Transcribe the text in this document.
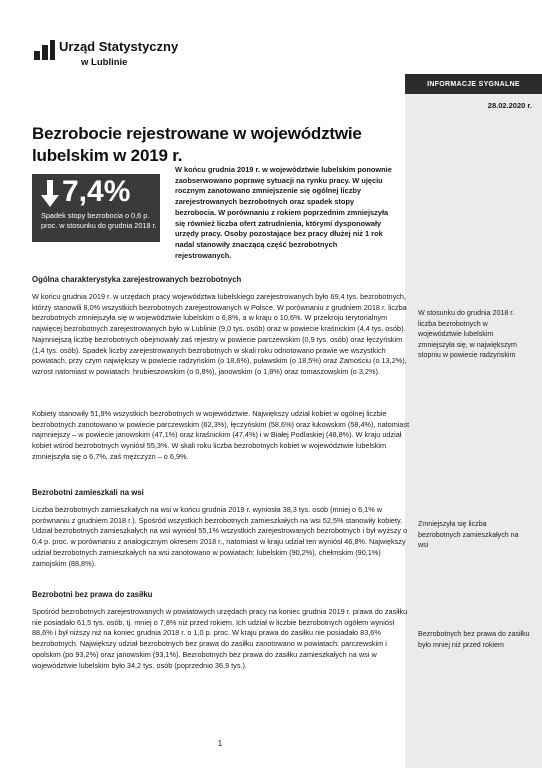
Urząd Statystyczny
w Lublinie
INFORMACJE SYGNALNE
28.02.2020 r.
Bezrobocie rejestrowane w województwie lubelskim w 2019 r.
7,4%
Spadek stopy bezrobocia o 0,6 p. proc. w stosunku do grudnia 2018 r.
W końcu grudnia 2019 r. w województwie lubelskim ponownie zaobserwowano poprawę sytuacji na rynku pracy. W ujęciu rocznym zanotowano zmniejszenie się ogólnej liczby zarejestrowanych bezrobotnych oraz spadek stopy bezrobocia. W porównaniu z rokiem poprzednim zmniejszyła się również liczba ofert zatrudnienia, którymi dysponowały urzędy pracy. Osoby pozostające bez pracy dłużej niż 1 rok nadal stanowiły znaczącą część bezrobotnych rejestrowanych.
Ogólna charakterystyka zarejestrowanych bezrobotnych
W końcu grudnia 2019 r. w urzędach pracy województwa lubelskiego zarejestrowanych było 69,4 tys. bezrobotnych, którzy stanowili 8,0% wszystkich bezrobotnych zarejestrowanych w Polsce. W porównaniu z grudniem 2018 r. liczba bezrobotnych zmniejszyła się w województwie lubelskim o 6,8%, a w kraju o 10,6%. W przekroju terytorialnym najwięcej bezrobotnych zarejestrowanych było w Lublinie (9,0 tys. osób) oraz w powiecie kraśnickim (4,4 tys. osób). Najmniejszą liczbę bezrobotnych obejmowały zaś rejestry w powiecie parczewskim (0,9 tys. osób) oraz łęczyńskim (1,4 tys. osób). Spadek liczby zarejestrowanych bezrobotnych w skali roku odnotowano prawie we wszystkich powiatach, przy czym największy w powiecie radzyńskim (o 18,6%), puławskim (o 18,5%) oraz Zamościu (o 13,2%), wzrost natomiast w powiatach: hrubieszowskim (o 0,8%), janowskim (o 1,8%) oraz tomaszowskim (o 3,2%).
Kobiety stanowiły 51,9% wszystkich bezrobotnych w województwie. Największy udział kobiet w ogólnej liczbie bezrobotnych zanotowano w powiecie parczewskim (62,3%), łęczyńskim (58,6%) oraz łukowskim (58,4%), natomiast najmniejszy – w powiecie janowskim (47,1%) oraz kraśnickim (47,4%) i w Białej Podlaskiej (48,8%). W kraju udział kobiet wśród bezrobotnych wyniósł 55,3%. W skali roku liczba bezrobotnych kobiet w województwie lubelskim zmniejszyła się o 6,7%, zaś mężczyzn – o 6,9%.
Bezrobotni zamieszkali na wsi
Liczba bezrobotnych zamieszkałych na wsi w końcu grudnia 2019 r. wyniosła 38,3 tys. osób (mniej o 6,1% w porównaniu z grudniem 2018 r.). Spośród wszystkich bezrobotnych zamieszkałych na wsi 52,5% stanowiły kobiety. Udział bezrobotnych zamieszkałych na wsi wyniósł 55,1% wszystkich zarejestrowanych bezrobotnych i był wyższy o 0,4 p. proc. w porównaniu z analogicznym okresem 2018 r., natomiast w kraju udział ten wyniósł 46,8%. Największy udział bezrobotnych zamieszkałych na wsi zanotowano w powiatach: lubelskim (90,2%), chełmskim (90,1%) zamojskim (88,8%).
Bezrobotni bez prawa do zasiłku
Spośród bezrobotnych zarejestrowanych w powiatowych urzędach pracy na koniec grudnia 2019 r. prawa do zasiłku nie posiadało 61,5 tys. osób, tj. mniej o 7,8% niż przed rokiem. Ich udział w liczbie bezrobotnych ogółem wyniósł 88,6% i był niższy niż na koniec grudnia 2018 r. o 1,0 p. proc. W kraju prawa do zasiłku nie posiadało 83,6% bezrobotnych. Największy udział bezrobotnych bez prawa do zasiłku zanotowano w powiatach: parczewskim i opolskim (po 93,2%) oraz janowskim (93,1%). Bezrobotnych bez prawa do zasiłku zamieszkałych na wsi w województwie lubelskim było 34,2 tys. osób (poprzednio 36,9 tys.).
W stosunku do grudnia 2018 r. liczba bezrobotnych w województwie lubelskim zmniejszyła się, w największym stopniu w powiecie radzyńskim
Zmniejszyła się liczba bezrobotnych zamieszkałych na wsi
Bezrobotnych bez prawa do zasiłku było mniej niż przed rokiem
1
